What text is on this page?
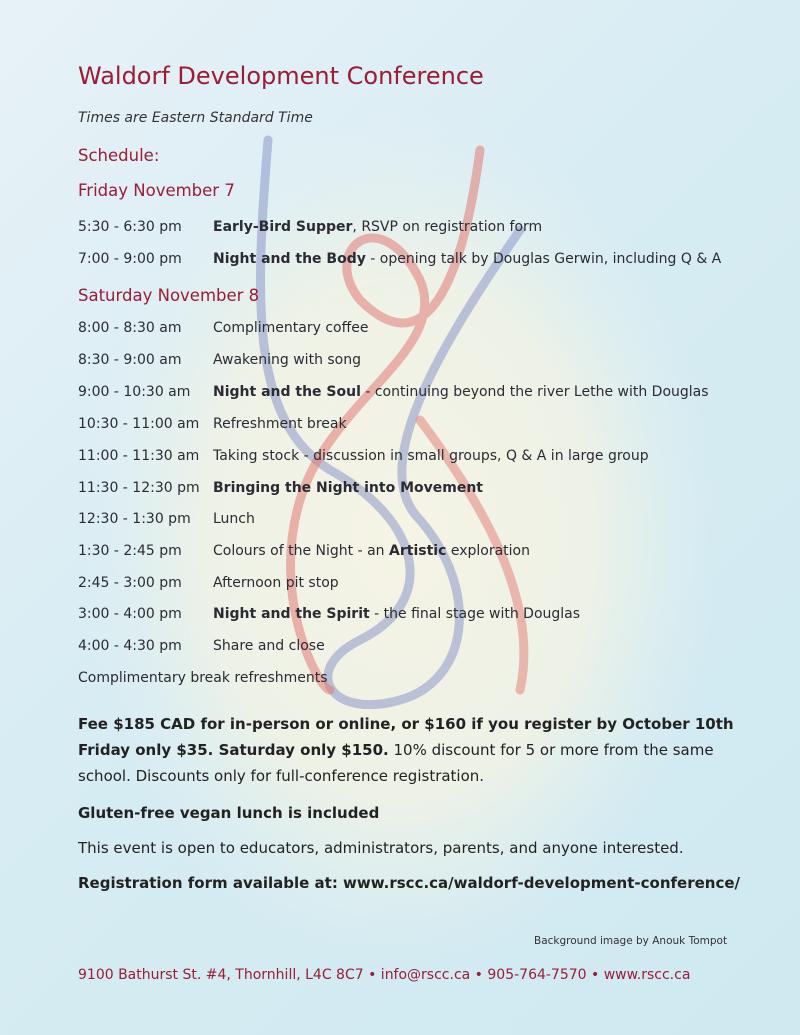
Waldorf Development Conference
Times are Eastern Standard Time
Schedule:
Friday November 7
5:30 - 6:30 pm Early-Bird Supper, RSVP on registration form
7:00 - 9:00 pm Night and the Body - opening talk by Douglas Gerwin, including Q & A
Saturday November 8
8:00 - 8:30 am Complimentary coffee
8:30 - 9:00 am Awakening with song
9:00 - 10:30 am Night and the Soul - continuing beyond the river Lethe with Douglas
10:30 - 11:00 am Refreshment break
11:00 - 11:30 am Taking stock - discussion in small groups, Q & A in large group
11:30 - 12:30 pm Bringing the Night into Movement
12:30 - 1:30 pm Lunch
1:30 - 2:45 pm Colours of the Night - an Artistic exploration
2:45 - 3:00 pm Afternoon pit stop
3:00 - 4:00 pm Night and the Spirit - the final stage with Douglas
4:00 - 4:30 pm Share and close
Complimentary break refreshments
Fee $185 CAD for in-person or online, or $160 if you register by October 10th
Friday only $35. Saturday only $150. 10% discount for 5 or more from the same
school. Discounts only for full-conference registration.
Gluten-free vegan lunch is included
This event is open to educators, administrators, parents, and anyone interested.
Registration form available at: www.rscc.ca/waldorf-development-conference/
Background image by Anouk Tompot
9100 Bathurst St. #4, Thornhill, L4C 8C7 • info@rscc.ca • 905-764-7570 • www.rscc.ca
